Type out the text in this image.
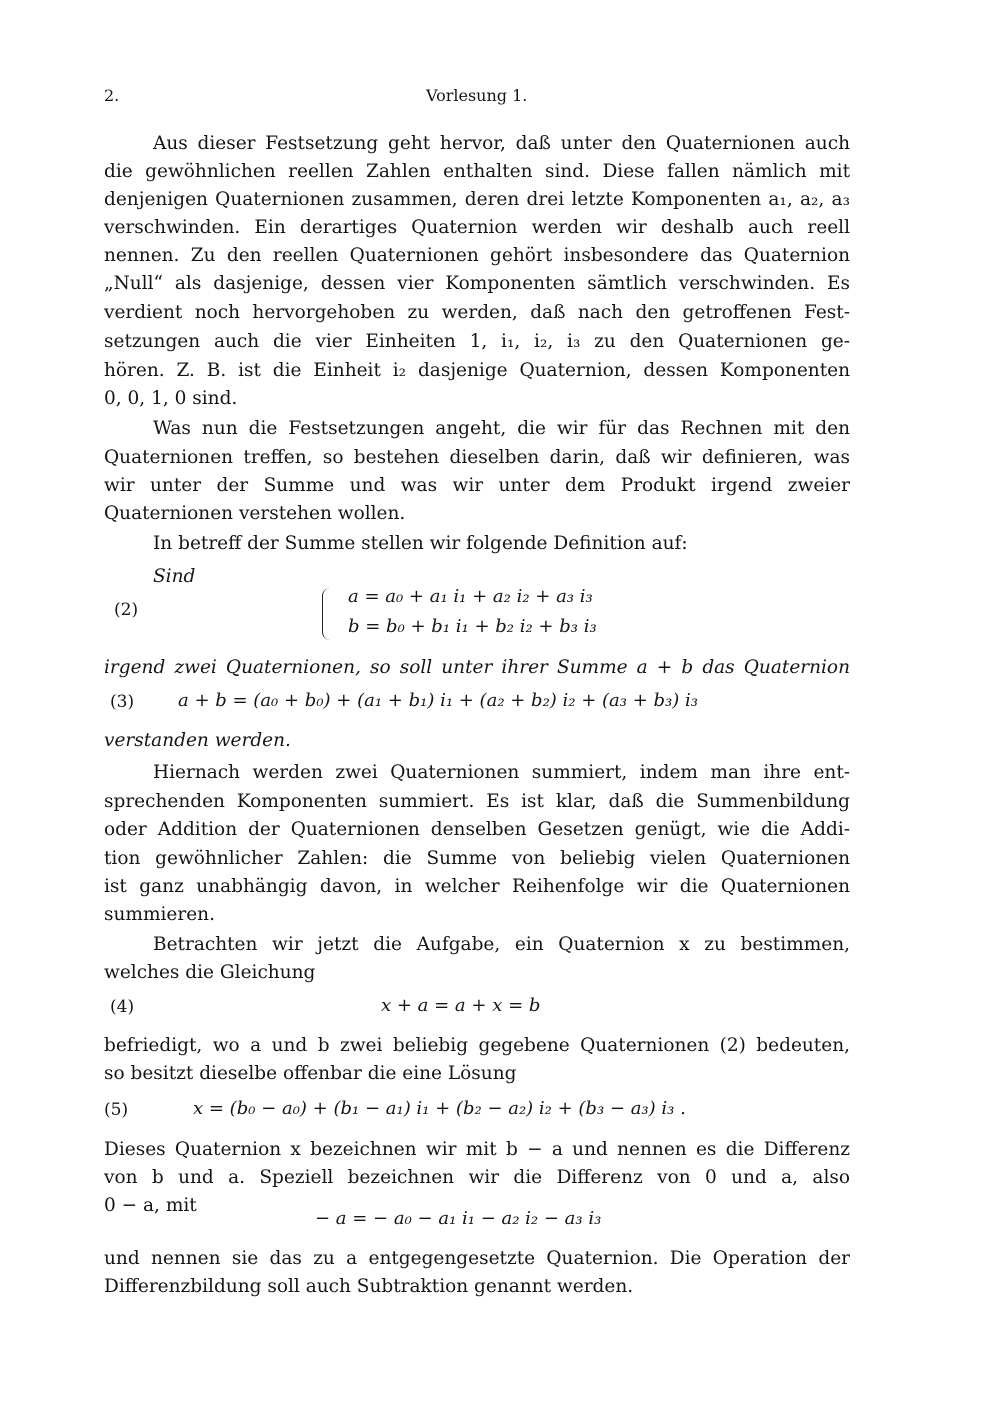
2.	Vorlesung 1.
Aus dieser Festsetzung geht hervor, daß unter den Quaternionen auch
die gewöhnlichen reellen Zahlen enthalten sind. Diese fallen nämlich mit
denjenigen Quaternionen zusammen, deren drei letzte Komponenten a₁, a₂, a₃
verschwinden. Ein derartiges Quaternion werden wir deshalb auch reell
nennen. Zu den reellen Quaternionen gehört insbesondere das Quaternion
„Null“ als dasjenige, dessen vier Komponenten sämtlich verschwinden. Es
verdient noch hervorgehoben zu werden, daß nach den getroffenen Fest-
setzungen auch die vier Einheiten 1, i₁, i₂, i₃ zu den Quaternionen ge-
hören. Z. B. ist die Einheit i₂ dasjenige Quaternion, dessen Komponenten
0, 0, 1, 0 sind.
Was nun die Festsetzungen angeht, die wir für das Rechnen mit den
Quaternionen treffen, so bestehen dieselben darin, daß wir definieren, was
wir unter der Summe und was wir unter dem Produkt irgend zweier
Quaternionen verstehen wollen.
In betreff der Summe stellen wir folgende Definition auf:
Sind
(2)
a = a₀ + a₁ i₁ + a₂ i₂ + a₃ i₃
b = b₀ + b₁ i₁ + b₂ i₂ + b₃ i₃
irgend zwei Quaternionen, so soll unter ihrer Summe a + b das Quaternion
(3) a + b = (a₀ + b₀) + (a₁ + b₁) i₁ + (a₂ + b₂) i₂ + (a₃ + b₃) i₃
verstanden werden.
Hiernach werden zwei Quaternionen summiert, indem man ihre ent-
sprechenden Komponenten summiert. Es ist klar, daß die Summenbildung
oder Addition der Quaternionen denselben Gesetzen genügt, wie die Addi-
tion gewöhnlicher Zahlen: die Summe von beliebig vielen Quaternionen
ist ganz unabhängig davon, in welcher Reihenfolge wir die Quaternionen
summieren.
Betrachten wir jetzt die Aufgabe, ein Quaternion x zu bestimmen,
welches die Gleichung
(4)	x + a = a + x = b
befriedigt, wo a und b zwei beliebig gegebene Quaternionen (2) bedeuten,
so besitzt dieselbe offenbar die eine Lösung
(5)	x = (b₀ − a₀) + (b₁ − a₁) i₁ + (b₂ − a₂) i₂ + (b₃ − a₃) i₃ .
Dieses Quaternion x bezeichnen wir mit b − a und nennen es die Differenz
von b und a. Speziell bezeichnen wir die Differenz von 0 und a, also
0 − a, mit
− a = − a₀ − a₁ i₁ − a₂ i₂ − a₃ i₃
und nennen sie das zu a entgegengesetzte Quaternion. Die Operation der
Differenzbildung soll auch Subtraktion genannt werden.
